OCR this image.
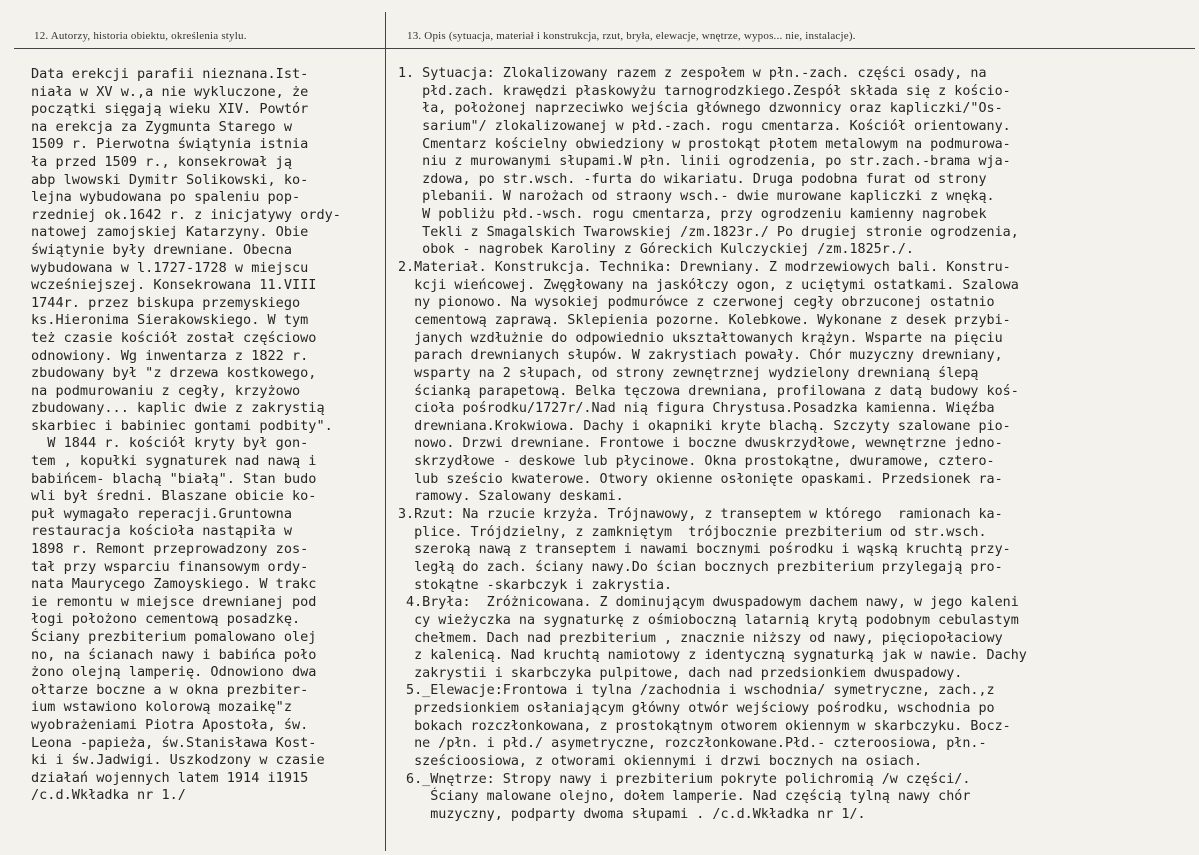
12. Autorzy, historia obiektu, określenia stylu.	13. Opis (sytuacja, materiał i konstrukcja, rzut, bryła, elewacje, wnętrze, wypos... nie, instalacje).
Data erekcji parafii nieznana.Ist-
niała w XV w.,a nie wykluczone, że
początki sięgają wieku XIV. Powtór
na erekcja za Zygmunta Starego w
1509 r. Pierwotna świątynia istnia
ła przed 1509 r., konsekrował ją
abp lwowski Dymitr Solikowski, ko-
lejna wybudowana po spaleniu pop-
rzedniej ok.1642 r. z inicjatywy ordy-
natowej zamojskiej Katarzyny. Obie
świątynie były drewniane. Obecna
wybudowana w l.1727-1728 w miejscu
wcześniejszej. Konsekrowana 11.VIII
1744r. przez biskupa przemyskiego
ks.Hieronima Sierakowskiego. W tym
też czasie kościół został częściowo
odnowiony. Wg inwentarza z 1822 r.
zbudowany był "z drzewa kostkowego,
na podmurowaniu z cegły, krzyżowo
zbudowany... kaplic dwie z zakrystią
skarbiec i babiniec gontami podbity".
W 1844 r. kościół kryty był gon-
tem , kopułki sygnaturek nad nawą i
babińcem- blachą "białą". Stan budo
wli był średni. Blaszane obicie ko-
puł wymagało reperacji.Gruntowna
restauracja kościoła nastąpiła w
1898 r. Remont przeprowadzony zos-
tał przy wsparciu finansowym ordy-
nata Maurycego Zamoyskiego. W trakc
ie remontu w miejsce drewnianej pod
łogi położono cementową posadzkę.
Ściany prezbiterium pomalowano olej
no, na ścianach nawy i babińca poło
żono olejną lamperię. Odnowiono dwa
ołtarze boczne a w okna prezbiter-
ium wstawiono kolorową mozaikę"z
wyobrażeniami Piotra Apostoła, św.
Leona -papieża, św.Stanisława Kost-
ki i św.Jadwigi. Uszkodzony w czasie
działań wojennych latem 1914 i1915
/c.d.Wkładka nr 1./
1. Sytuacja: Zlokalizowany razem z zespołem w płn.-zach. części osady, na
płd.zach. krawędzi płaskowyżu tarnogrodzkiego.Zespół składa się z kościo-
ła, położonej naprzeciwko wejścia głównego dzwonnicy oraz kapliczki/"Os-
sarium"/ zlokalizowanej w płd.-zach. rogu cmentarza. Kościół orientowany.
Cmentarz kościelny obwiedziony w prostokąt płotem metalowym na podmurowa-
niu z murowanymi słupami.W płn. linii ogrodzenia, po str.zach.-brama wja-
zdowa, po str.wsch. -furta do wikariatu. Druga podobna furat od strony
plebanii. W narożach od straony wsch.- dwie murowane kapliczki z wnęką.
W pobliżu płd.-wsch. rogu cmentarza, przy ogrodzeniu kamienny nagrobek
Tekli z Smagalskich Twarowskiej /zm.1823r./ Po drugiej stronie ogrodzenia,
obok - nagrobek Karoliny z Góreckich Kulczyckiej /zm.1825r./.
2.Materiał. Konstrukcja. Technika: Drewniany. Z modrzewiowych bali. Konstru-
kcji wieńcowej. Zwęgłowany na jaskółczy ogon, z uciętymi ostatkami. Szalowa
ny pionowo. Na wysokiej podmurówce z czerwonej cegły obrzuconej ostatnio
cementową zaprawą. Sklepienia pozorne. Kolebkowe. Wykonane z desek przybi-
janych wzdłużnie do odpowiednio ukształtowanych krążyn. Wsparte na pięciu
parach drewnianych słupów. W zakrystiach powały. Chór muzyczny drewniany,
wsparty na 2 słupach, od strony zewnętrznej wydzielony drewnianą ślepą
ścianką parapetową. Belka tęczowa drewniana, profilowana z datą budowy koś-
cioła pośrodku/1727r/.Nad nią figura Chrystusa.Posadzka kamienna. Więźba
drewniana.Krokwiowa. Dachy i okapniki kryte blachą. Szczyty szalowane pio-
nowo. Drzwi drewniane. Frontowe i boczne dwuskrzydłowe, wewnętrzne jedno-
skrzydłowe - deskowe lub płycinowe. Okna prostokątne, dwuramowe, cztero-
lub sześcio kwaterowe. Otwory okienne osłonięte opaskami. Przedsionek ra-
ramowy. Szalowany deskami.
3.Rzut: Na rzucie krzyża. Trójnawowy, z transeptem w którego  ramionach ka-
plice. Trójdzielny, z zamkniętym  trójbocznie prezbiterium od str.wsch.
szeroką nawą z transeptem i nawami bocznymi pośrodku i wąską kruchtą przy-
ległą do zach. ściany nawy.Do ścian bocznych prezbiterium przylegają pro-
stokątne -skarbczyk i zakrystia.
4.Bryła:  Zróżnicowana. Z dominującym dwuspadowym dachem nawy, w jego kaleni
cy wieżyczka na sygnaturkę z ośmioboczną latarnią krytą podobnym cebulastym
chełmem. Dach nad prezbiterium , znacznie niższy od nawy, pięciopołaciowy
z kalenicą. Nad kruchtą namiotowy z identyczną sygnaturką jak w nawie. Dachy
zakrystii i skarbczyka pulpitowe, dach nad przedsionkiem dwuspadowy.
5._Elewacje:Frontowa i tylna /zachodnia i wschodnia/ symetryczne, zach.,z
przedsionkiem osłaniającym główny otwór wejściowy pośrodku, wschodnia po
bokach rozczłonkowana, z prostokątnym otworem okiennym w skarbczyku. Bocz-
ne /płn. i płd./ asymetryczne, rozczłonkowane.Płd.- czteroosiowa, płn.-
sześcioosiowa, z otworami okiennymi i drzwi bocznych na osiach.
6._Wnętrze: Stropy nawy i prezbiterium pokryte polichromią /w części/.
Ściany malowane olejno, dołem lamperie. Nad częścią tylną nawy chór
muzyczny, podparty dwoma słupami . /c.d.Wkładka nr 1/.
